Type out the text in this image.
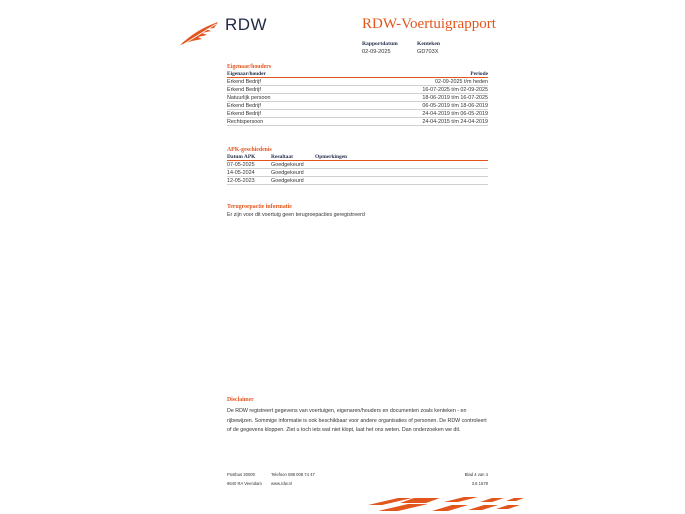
RDW	RDW-Voertuigrapport
Rapportdatum
02-09-2025
Kenteken
GD703X
Eigenaar/houders
Eigenaar/houder	Periode
Erkend Bedrijf	02-09-2025 t/m heden
Erkend Bedrijf	16-07-2025 t/m 02-09-2025
Natuurlijk persoon	18-06-2019 t/m 16-07-2025
Erkend Bedrijf	06-05-2019 t/m 18-06-2019
Erkend Bedrijf	24-04-2019 t/m 06-05-2019
Rechtspersoon	24-04-2015 t/m 24-04-2019
APK-geschiedenis
Datum APK	Resultaat	Opmerkingen
07-05-2025	Goedgekeurd
14-05-2024	Goedgekeurd
12-05-2023	Goedgekeurd
Terugroepactie informatie
Er zijn voor dit voertuig geen terugroepacties geregistreerd
Disclaimer
De RDW registreert gegevens van voertuigen, eigenaren/houders en documenten zoals kenteken - en rijbewijzen. Sommige informatie is ook beschikbaar voor andere organisaties of personen. De RDW controleert of de gegevens kloppen. Ziet u toch iets wat niet klopt, laat het ons weten. Dan onderzoeken we dit.
Postbus 30000
9640 RA Veendam
Telefoon 088 008 74 47
www.rdw.nl
Blad 4 van 4
3.6 1678
